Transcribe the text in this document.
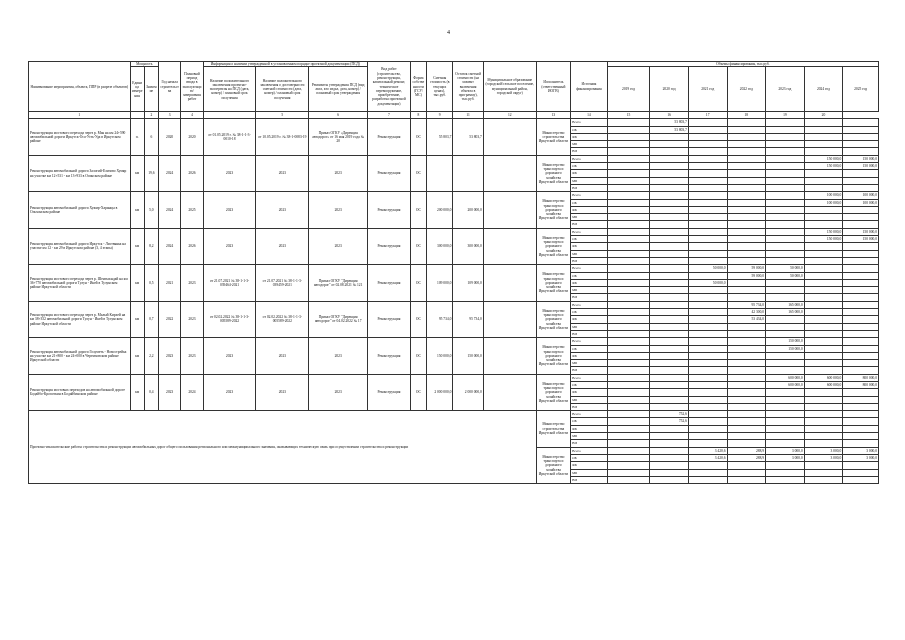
4
Наименование мероприятия, объекта, ППР (в разрезе объектов)	Мощность		Год начала строительства	Плановый период ввода в эксплуатацию/завершения работ	Информация о наличии утвержденной в установленном порядке проектной документации (ПСД)			Вид работ (строительство, реконструкция, капитальный ремонт, техническое перевооружение, приобретение, разработка проектной документации)	Форма собственности (ГСУ/МС)	Сметная стоимость (в текущих ценах), тыс.руб.	Остаток сметной стоимости (на момент включения объекта в программу), тыс.руб.	Муниципальное образование (городской/сельское поселение, муниципальный район, городской округ)	Исполнитель (ответственный ИОГВ)	Источник финансирования	Объемы финансирования, тыс.руб.						
	Единица измерения	Значение			Наличие положительного заключения проектно-экспертизы на ПСД (дата, номер) / плановый срок получения	Наличие положительного заключения о достоверности сметной стоимости (дата, номер) / плановый срок получения	Реквизиты утверждения ПСД (вид акта, кто издал, дата, номер) / плановый срок утверждения								2019 год	2020 год	2021 год	2022 год	2023 год	2024 год	2025 год
1		2	3	4		5	6	7	8	9	11	12	13	14	15	16	17	18	19	20	
Реконструкция мостового перехода через р. Мая на км 24+590 автомобильной дороги Иркутск-Оса-Усть-Уда в Иркутском районе	п.	6	2020	2020	от 01.05.2019 г. № 38-1-1-3-0010-18	от 10.05.2019 г. № 38-1-0083-19	Приказ ОГКУ «Дирекция автодорог» от 16 мая 2019 года № 20	Реконструкция	ОС	55 803,7	53 803,7		Министерство строительства Иркутской области	Всего		53 803,7					
														ОБ		53 803,7					
														ФБ							
														МБ							
														ВИ							
Реконструкция автомобильной дороги Залогий-Елизово Хумяр на участке км 12+531 - км 13+933 в Осинском районе	км	19,6	2024	2026	2023	2023	2023	Реконструкция	ОС				Министерство транспорта и дорожного хозяйства Иркутской области	Всего						150 000,0	150 000,0
														ОБ						150 000,0	150 000,0
														ФБ							
														МБ							
														ВИ							
Реконструкция автомобильной дороги Хужир-Харанцы в Ольхонском районе	км	5,0	2024	2025	2023	2023	2023	Реконструкция	ОС	200 000,0	200 000,0		Министерство транспорта и дорожного хозяйства Иркутской области	Всего						100 000,0	100 000,0
														ОБ						100 000,0	100 000,0
														ФБ							
														МБ							
														ВИ							
Реконструкция автомобильной дороги Иркутск - Листвянка на участке км 12 - км 29 в Иркутском районе (3, 4 этапы)	км	8,2	2024	2026	2023	2023	2023	Реконструкция	ОС	300 000,0	300 000,0		Министерство транспорта и дорожного хозяйства Иркутской области	Всего						150 000,0	150 000,0
														ОБ						150 000,0	150 000,0
														ФБ							
														МБ							
														ВИ							
Реконструкция мостового перехода через р. Шентыхыдай на км 36+770 автомобильной дороги Тулун - Икей в Тулунском районе Иркутской области	км	0,5	2021	2023	от 21.07.2021 № 38-1-1-3-039464-2021	от 21.07.2021 № 38-1-1-3-039459-2021	Приказ ОГКУ "Дирекция автодорог" от 02.08.2021 № 121	Реконструкция	ОС	109 000,0	109 000,0		Министерство транспорта и дорожного хозяйства Иркутской области	Всего			50 000,0	59 000,0	50 000,0		
														ОБ				59 000,0	50 000,0		
														ФБ			50 000,0				
														МБ							
														ВИ							
Реконструкция мостового перехода через р. Малый Кирхей на км 38+352 автомобильной дороги Тулун - Икей в Тулунском районе Иркутской области	км	0,7	2022	2023	от 02.02.2022 № 38-1-1-3-005589-2022	от 02.02.2022 № 38-1-1-3-005589-2022	Приказ ОГКУ "Дирекция автодорог" от 04.02.2022 № 17	Реконструкция	ОС	95 734,0	95 734,0		Министерство транспорта и дорожного хозяйства Иркутской области	Всего				95 734,0	165 000,0		
														ОБ				42 300,0	165 000,0		
														ФБ				53 434,0			
														МБ							
														ВИ							
Реконструкция автомобильной дороги Голуметь - Новострейка на участке км 21+800 - км 24+000 в Черемховском районе Иркутской области	км	2,2	2023	2023	2023	2023	2023	Реконструкция	ОС	150 000,0	150 000,0		Министерство транспорта и дорожного хозяйства Иркутской области	Всего					150 000,0		
														ОБ					150 000,0		
														ФБ							
														МБ							
														ВИ							
Реконструкция мостовых переходов на автомобильной дороге Бодайбо-Кропоткин в Бодайбинском районе	км	0,4	2023	2024	2023	2023	2023	Реконструкция	ОС	2 000 000,0	2 000 000,0		Министерство транспорта и дорожного хозяйства Иркутской области	Всего					600 000,0	600 000,0	800 000,0
														ОБ					600 000,0	600 000,0	800 000,0
														ФБ							
														МБ							
														ВИ							
Проектно-изыскательские работы строительства и реконструкции автомобильных дорог общего пользования регионального или межмуниципального значения, оказывающих техническую связь при осуществлении строительства и реконструкции													Министерство строительства Иркутской области	Всего		752,6					
														ОБ		752,6					
														ФБ							
														МБ							
														ВИ							
													Министерство транспорта и дорожного хозяйства Иркутской области	Всего			3 420,6	288,9	3 000,0	3 000,0	3 000,0
														ОБ			3 420,6	288,9	3 000,0	3 000,0	3 000,0
														ФБ							
														МБ							
														ВИ							
